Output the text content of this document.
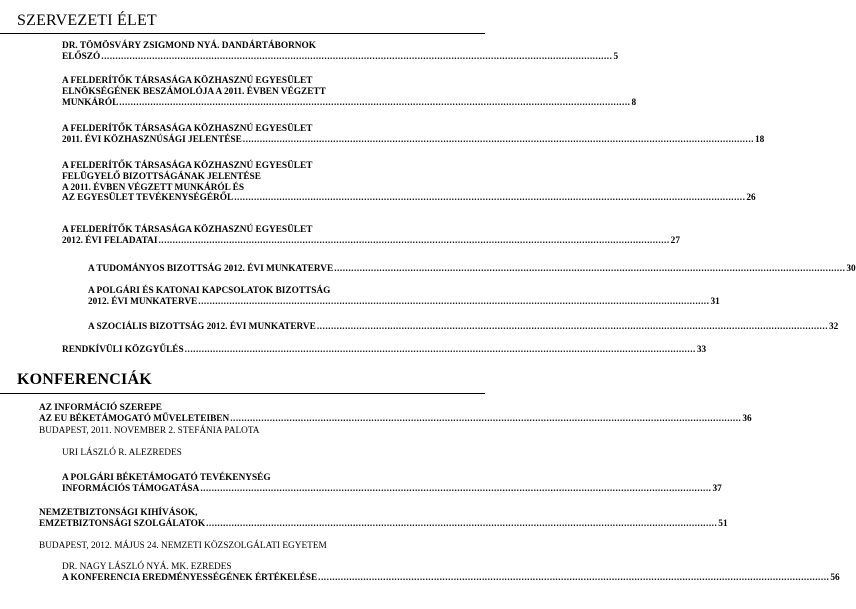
SZERVEZETI ÉLET
DR. TÖMÖSVÁRY ZSIGMOND NYÁ. DANDÁRTÁBORNOK
ELŐSZÓ ..................................................................................................................................................................................... 5
A FELDERÍTŐK TÁRSASÁGA KÖZHASZNÚ EGYESÜLET
ELNÖKSÉGÉNEK BESZÁMOLÓJA A 2011. ÉVBEN VÉGZETT
MUNKÁRÓL ..................................................................................................................................................................................... 8
A FELDERÍTŐK TÁRSASÁGA KÖZHASZNÚ EGYESÜLET
2011. ÉVI KÖZHASZNÚSÁGI JELENTÉSE ..................................................................................................................................................................................... 18
A FELDERÍTŐK TÁRSASÁGA KÖZHASZNÚ EGYESÜLET
FELÜGYELŐ BIZOTTSÁGÁNAK JELENTÉSE
A 2011. ÉVBEN VÉGZETT MUNKÁRÓL ÉS
AZ EGYESÜLET TEVÉKENYSÉGÉRŐL ..................................................................................................................................................................................... 26
A FELDERÍTŐK TÁRSASÁGA KÖZHASZNÚ EGYESÜLET
2012. ÉVI FELADATAI ..................................................................................................................................................................................... 27
A TUDOMÁNYOS BIZOTTSÁG 2012. ÉVI MUNKATERVE ..................................................................................................................................................................................... 30
A POLGÁRI ÉS KATONAI KAPCSOLATOK BIZOTTSÁG
2012. ÉVI MUNKATERVE ..................................................................................................................................................................................... 31
A SZOCIÁLIS BIZOTTSÁG 2012. ÉVI MUNKATERVE ..................................................................................................................................................................................... 32
RENDKÍVÜLI KÖZGYŰLÉS ..................................................................................................................................................................................... 33
KONFERENCIÁK
AZ INFORMÁCIÓ SZEREPE
AZ EU BÉKETÁMOGATÓ MŰVELETEIBEN ..................................................................................................................................................................................... 36
BUDAPEST, 2011. NOVEMBER 2. STEFÁNIA PALOTA
URI LÁSZLÓ R. ALEZREDES
A POLGÁRI BÉKETÁMOGATÓ TEVÉKENYSÉG
INFORMÁCIÓS TÁMOGATÁSA ..................................................................................................................................................................................... 37
NEMZETBIZTONSÁGI KIHÍVÁSOK,
EMZETBIZTONSÁGI SZOLGÁLATOK ..................................................................................................................................................................................... 51
BUDAPEST, 2012. MÁJUS 24. NEMZETI KÖZSZOLGÁLATI EGYETEM
DR. NAGY LÁSZLÓ NYÁ. MK. EZREDES
A KONFERENCIA EREDMÉNYESSÉGÉNEK ÉRTÉKELÉSE ..................................................................................................................................................................................... 56
